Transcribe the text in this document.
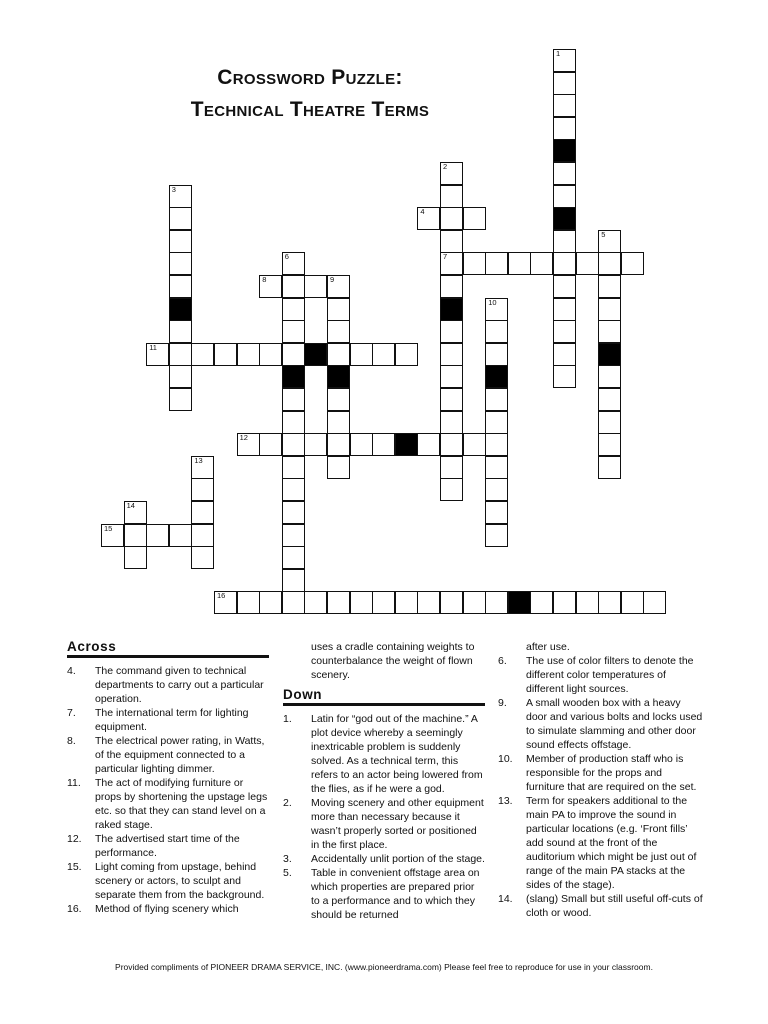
Crossword Puzzle:
Technical Theatre Terms
1
2
7
3
4
5
6
8	9
10
11
12
13
14
15
16
Across
4.	The command given to technical departments to carry out a particular operation.
7.	The international term for lighting equipment.
8.	The electrical power rating, in Watts, of the equipment connected to a particular lighting dimmer.
11.	The act of modifying furniture or props by shortening the upstage legs etc. so that they can stand level on a raked stage.
12.	The advertised start time of the performance.
15.	Light coming from upstage, behind scenery or actors, to sculpt and separate them from the background.
16.	Method of flying scenery which
uses a cradle containing weights to counterbalance the weight of flown scenery.
Down
1.	Latin for “god out of the machine.” A plot device whereby a seemingly inextricable problem is suddenly solved. As a technical term, this refers to an actor being lowered from the flies, as if he were a god.
2.	Moving scenery and other equipment more than necessary because it wasn’t properly sorted or positioned in the first place.
3.	Accidentally unlit portion of the stage.
5.	Table in convenient offstage area on which properties are prepared prior to a performance and to which they should be returned
after use.
6.	The use of color filters to denote the different color temperatures of different light sources.
9.	A small wooden box with a heavy door and various bolts and locks used to simulate slamming and other door sound effects offstage.
10.	Member of production staff who is responsible for the props and furniture that are required on the set.
13.	Term for speakers additional to the main PA to improve the sound in particular locations (e.g. ‘Front fills’ add sound at the front of the auditorium which might be just out of range of the main PA stacks at the sides of the stage).
14.	(slang) Small but still useful off-cuts of cloth or wood.
Provided compliments of PIONEER DRAMA SERVICE, INC. (www.pioneerdrama.com) Please feel free to reproduce for use in your classroom.
